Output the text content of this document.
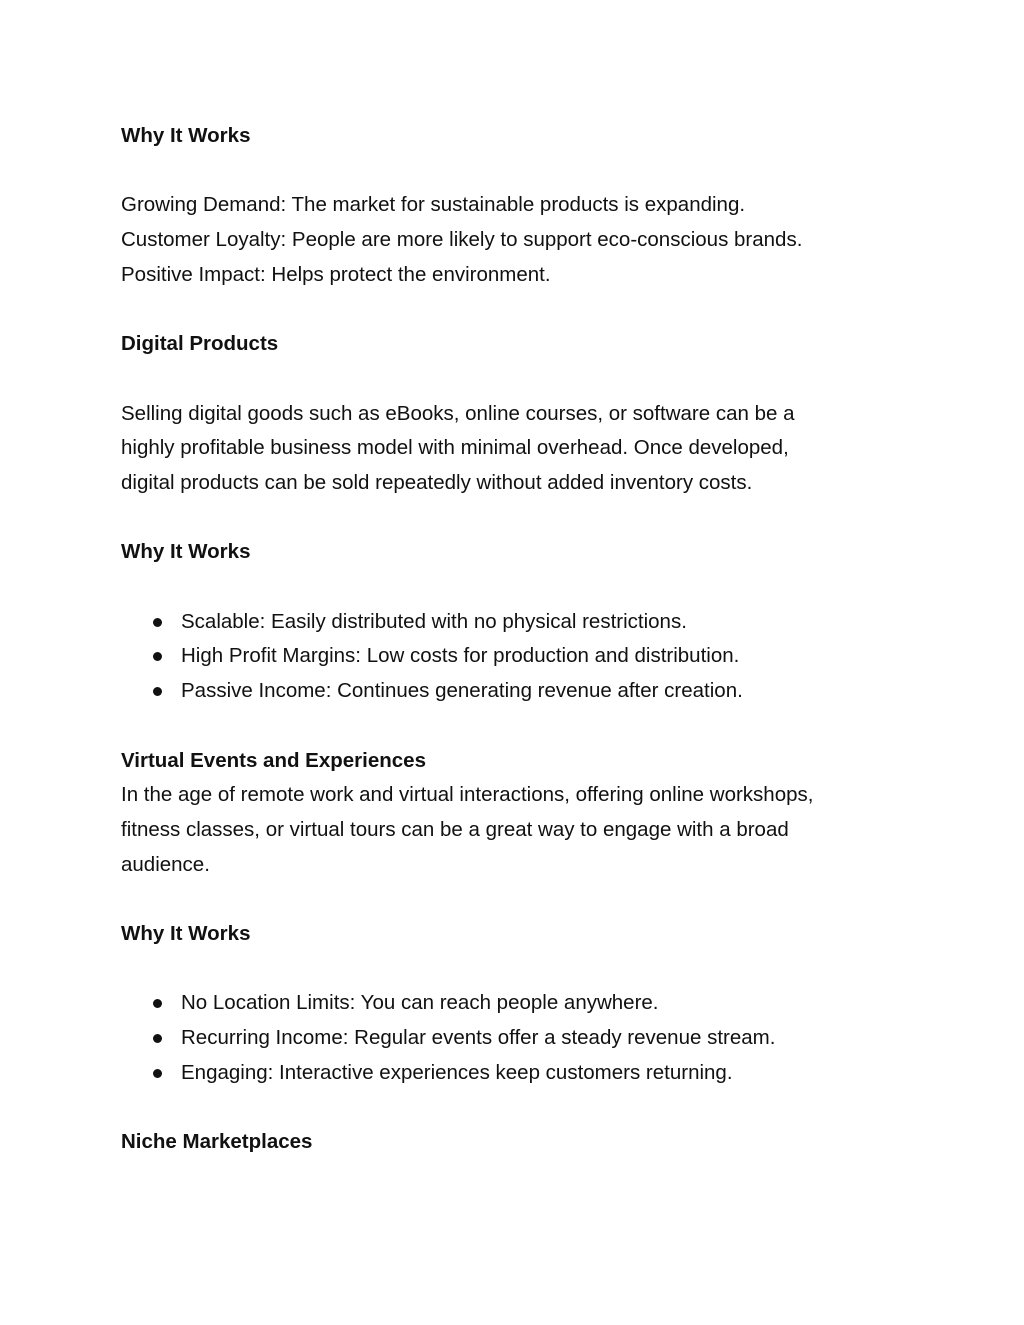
Why It Works

Growing Demand: The market for sustainable products is expanding.

Customer Loyalty: People are more likely to support eco-conscious brands.

Positive Impact: Helps protect the environment.

Digital Products

Selling digital goods such as eBooks, online courses, or software can be a

highly profitable business model with minimal overhead. Once developed,

digital products can be sold repeatedly without added inventory costs.

Why It Works

Scalable: Easily distributed with no physical restrictions.
High Profit Margins: Low costs for production and distribution.
Passive Income: Continues generating revenue after creation.

Virtual Events and Experiences

In the age of remote work and virtual interactions, offering online workshops,

fitness classes, or virtual tours can be a great way to engage with a broad

audience.

Why It Works

No Location Limits: You can reach people anywhere.
Recurring Income: Regular events offer a steady revenue stream.
Engaging: Interactive experiences keep customers returning.

Niche Marketplaces
